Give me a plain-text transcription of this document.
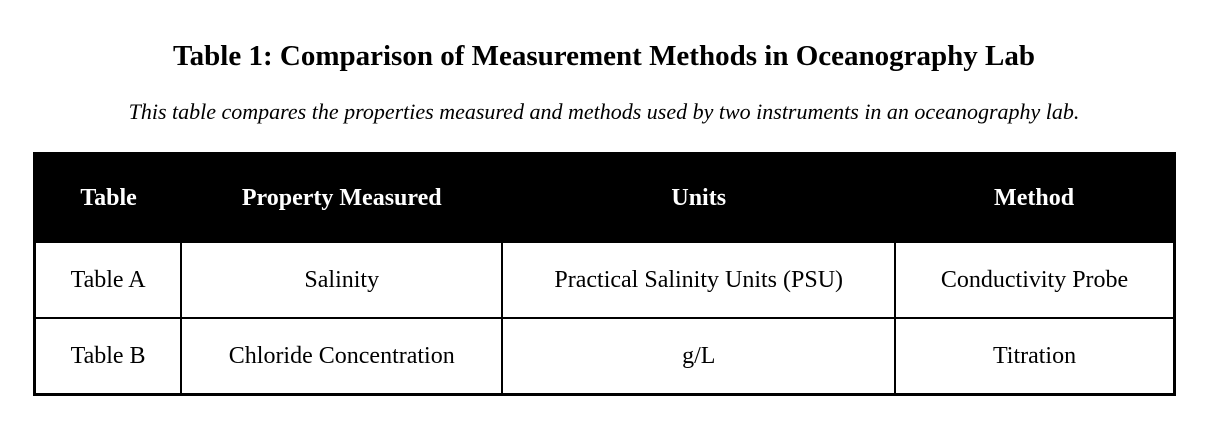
Table 1: Comparison of Measurement Methods in Oceanography Lab

This table compares the properties measured and methods used by two instruments in an oceanography lab.

Table	Property Measured	Units	Method
Table A	Salinity	Practical Salinity Units (PSU)	Conductivity Probe
Table B	Chloride Concentration	g/L	Titration
